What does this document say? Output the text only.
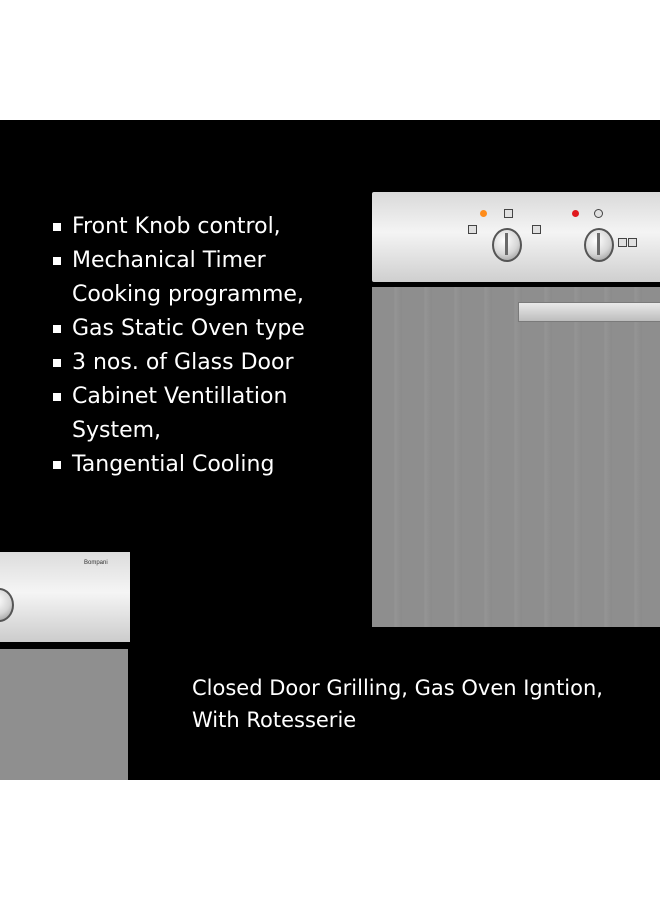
Front Knob control,
Mechanical Timer
Cooking programme,
Gas Static Oven type
3 nos. of Glass Door
Cabinet Ventillation
System,
Tangential Cooling
Bompani
Closed Door Grilling, Gas Oven Igntion,
With Rotesserie
